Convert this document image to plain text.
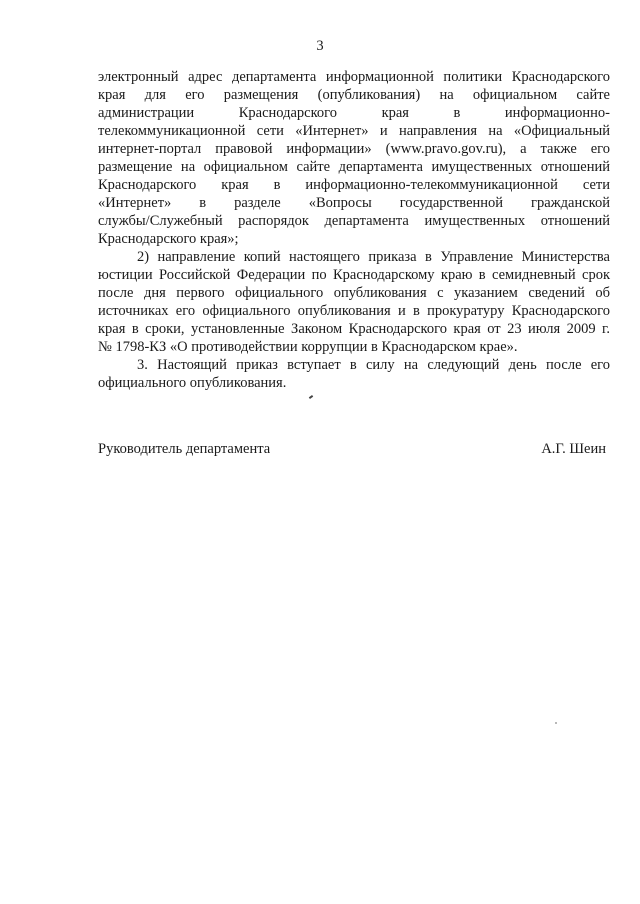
3
электронный адрес департамента информационной политики Краснодарского
края для его размещения (опубликования) на официальном сайте
администрации Краснодарского края в информационно-
телекоммуникационной сети «Интернет» и направления на «Официальный
интернет-портал правовой информации» (www.pravo.gov.ru), а также его
размещение на официальном сайте департамента имущественных отношений
Краснодарского края в информационно-телекоммуникационной сети
«Интернет» в разделе «Вопросы государственной гражданской
службы/Служебный распорядок департамента имущественных отношений
Краснодарского края»;
2) направление копий настоящего приказа в Управление Министерства
юстиции Российской Федерации по Краснодарскому краю в семидневный срок
после дня первого официального опубликования с указанием сведений об
источниках его официального опубликования и в прокуратуру Краснодарского
края в сроки, установленные Законом Краснодарского края от 23 июля 2009 г.
№ 1798-КЗ «О противодействии коррупции в Краснодарском крае».
3. Настоящий приказ вступает в силу на следующий день после его
официального опубликования.
Руководитель департамента	А.Г. Шеин
